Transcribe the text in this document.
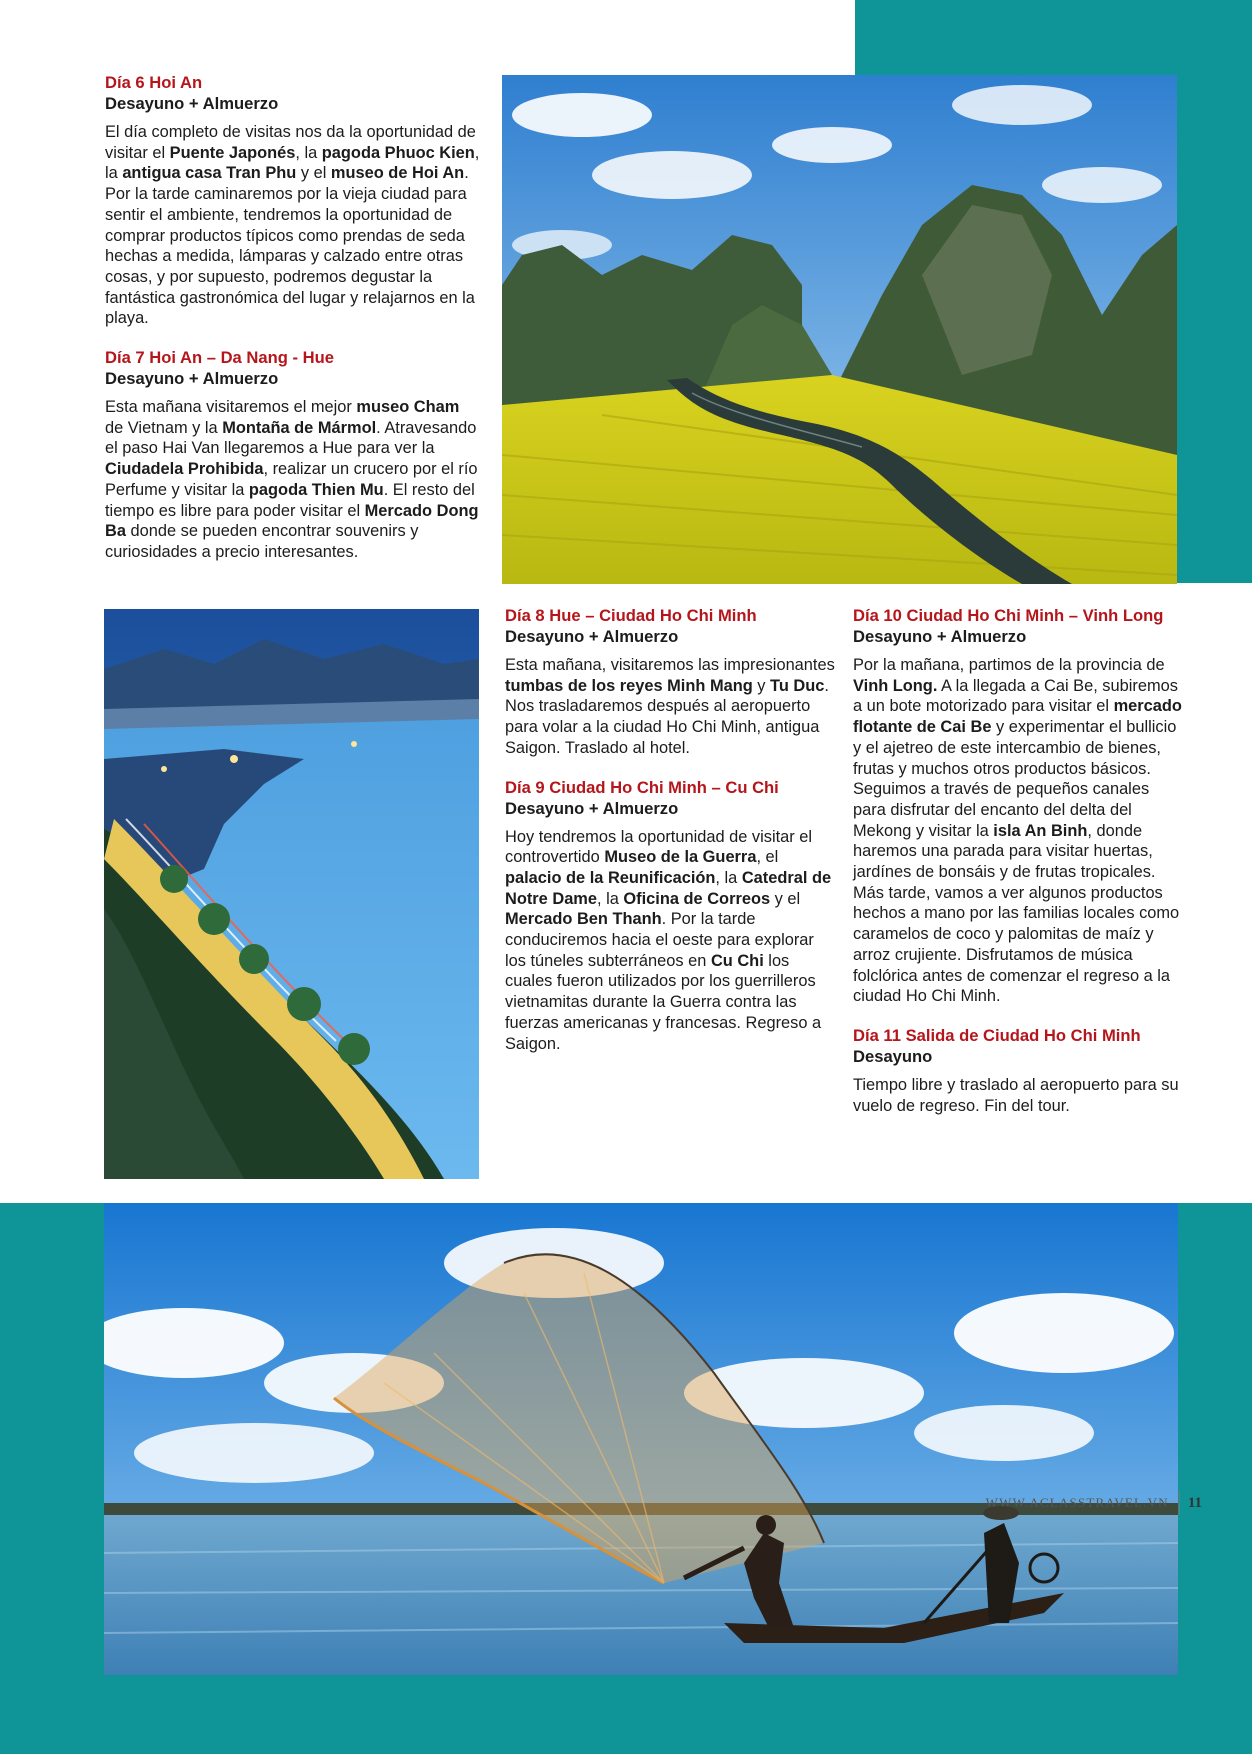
Día 6 Hoi An
Desayuno + Almuerzo

El día completo de visitas nos da la oportunidad de visitar el Puente Japonés, la pagoda Phuoc Kien, la antigua casa Tran Phu y el museo de Hoi An. Por la tarde caminaremos por la vieja ciudad para sentir el ambiente, tendremos la oportunidad de comprar productos típicos como prendas de seda hechas a medida, lámparas y calzado entre otras cosas, y por supuesto, podremos degustar la fantástica gastronómica del lugar y relajarnos en la playa.

Día 7 Hoi An – Da Nang - Hue
Desayuno + Almuerzo

Esta mañana visitaremos el mejor museo Cham de Vietnam y la Montaña de Mármol. Atravesando el paso Hai Van llegaremos a Hue para ver la Ciudadela Prohibida, realizar un crucero por el río Perfume y visitar la pagoda Thien Mu. El resto del tiempo es libre para poder visitar el Mercado Dong Ba donde se pueden encontrar souvenirs y curiosidades a precio interesantes.

Día 8 Hue – Ciudad Ho Chi Minh
Desayuno + Almuerzo

Esta mañana, visitaremos las impresionantes tumbas de los reyes Minh Mang y Tu Duc. Nos trasladaremos después al aeropuerto para volar a la ciudad Ho Chi Minh, antigua Saigon. Traslado al hotel.

Día 9 Ciudad Ho Chi Minh – Cu Chi
Desayuno + Almuerzo

Hoy tendremos la oportunidad de visitar el controvertido Museo de la Guerra, el palacio de la Reunificación, la Catedral de Notre Dame, la Oficina de Correos y el Mercado Ben Thanh. Por la tarde conduciremos hacia el oeste para explorar los túneles subterráneos en Cu Chi los cuales fueron utilizados por los guerrilleros vietnamitas durante la Guerra contra las fuerzas americanas y francesas. Regreso a Saigon.

Día 10 Ciudad Ho Chi Minh – Vinh Long
Desayuno + Almuerzo

Por la mañana, partimos de la provincia de Vinh Long. A la llegada a Cai Be, subiremos a un bote motorizado para visitar el mercado flotante de Cai Be y experimentar el bullicio y el ajetreo de este intercambio de bienes, frutas y muchos otros productos básicos. Seguimos a través de pequeños canales para disfrutar del encanto del delta del Mekong y visitar la isla An Binh, donde haremos una parada para visitar huertas, jardínes de bonsáis y de frutas tropicales. Más tarde, vamos a ver algunos productos hechos a mano por las familias locales como caramelos de coco y palomitas de maíz y arroz crujiente. Disfrutamos de música folclórica antes de comenzar el regreso a la ciudad Ho Chi Minh.

Día 11 Salida de Ciudad Ho Chi Minh
Desayuno

Tiempo libre y traslado al aeropuerto para su vuelo de regreso. Fin del tour.

WWW.ACLASSTRAVEL.VN 11
